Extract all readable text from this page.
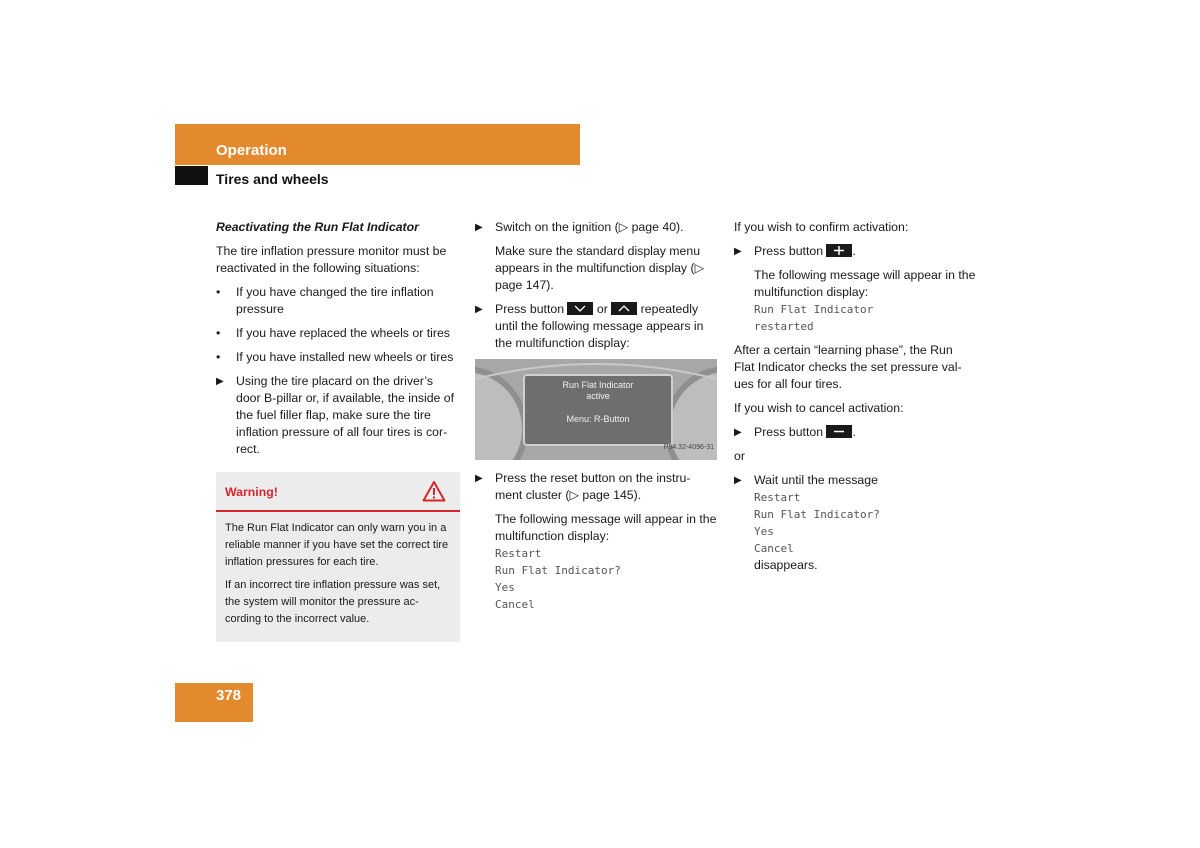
Operation
Tires and wheels
Reactivating the Run Flat Indicator

The tire inflation pressure monitor must be reactivated in the following situations:

• If you have changed the tire inflation pressure
• If you have replaced the wheels or tires
• If you have installed new wheels or tires
▶ Using the tire placard on the driver’s door B-pillar or, if available, the inside of the fuel filler flap, make sure the tire inflation pressure of all four tires is cor-rect.
Warning!

The Run Flat Indicator can only warn you in a reliable manner if you have set the correct tire inflation pressures for each tire.

If an incorrect tire inflation pressure was set, the system will monitor the pressure ac-cording to the incorrect value.

▶ Switch on the ignition (▷ page 40).
Make sure the standard display menu appears in the multifunction display (▷ page 147).
▶ Press button	or	repeatedly until the following message appears in the multifunction display:
Run Flat Indicator
active
Menu: R-Button
P54.32-4096-31
▶ Press the reset button on the instru-ment cluster (▷ page 145).
The following message will appear in the multifunction display:
Restart
Run Flat Indicator?
Yes
Cancel

If you wish to confirm activation:

▶ Press button .
The following message will appear in the multifunction display:
Run Flat Indicator
restarted

After a certain “learning phase”, the Run Flat Indicator checks the set pressure val-ues for all four tires.

If you wish to cancel activation:

▶ Press button .

or

▶ Wait until the message
Restart
Run Flat Indicator?
Yes
Cancel
disappears.
378
